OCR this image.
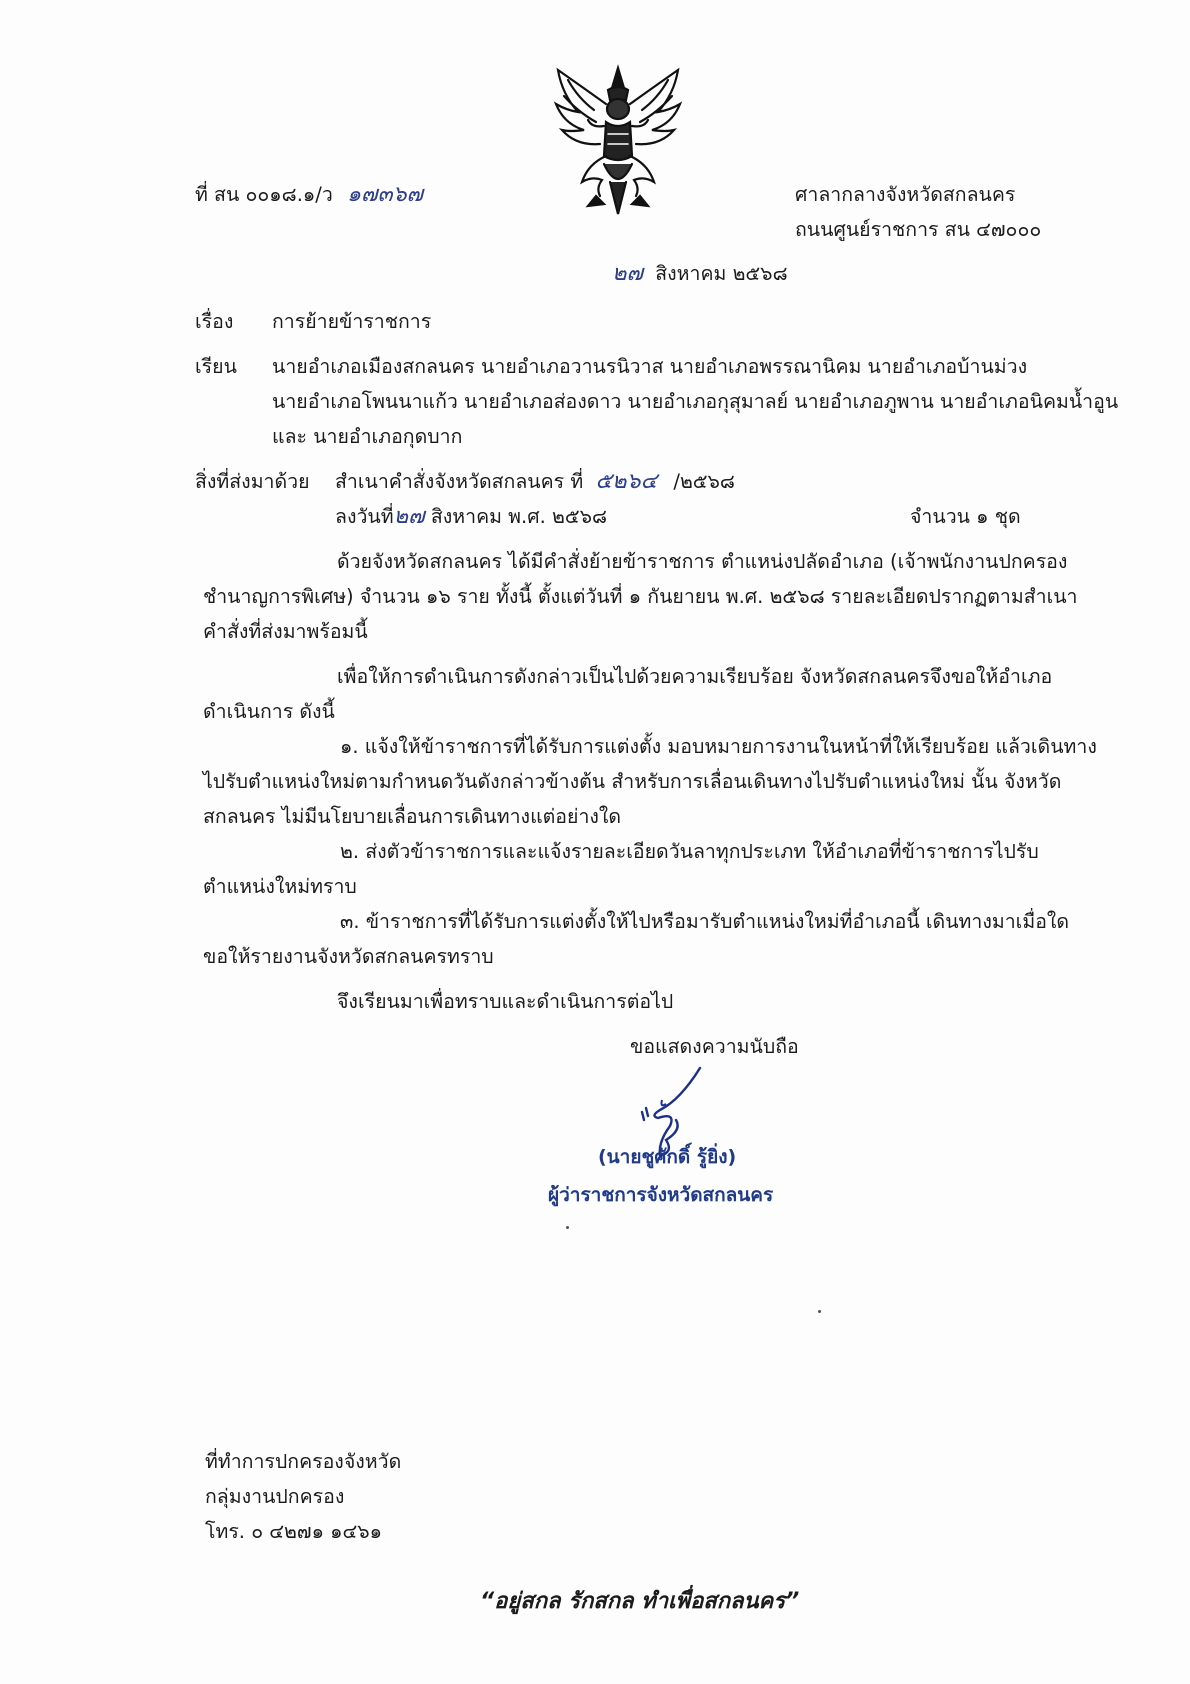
ที่ สน ๐๐๑๘.๑/ว ๑๗๓๖๗	ศาลากลางจังหวัดสกลนคร
ถนนศูนย์ราชการ สน ๔๗๐๐๐
๒๗ สิงหาคม ๒๕๖๘
เรื่อง การย้ายข้าราชการ
เรียน นายอำเภอเมืองสกลนคร นายอำเภอวานรนิวาส นายอำเภอพรรณานิคม นายอำเภอบ้านม่วง
นายอำเภอโพนนาแก้ว นายอำเภอส่องดาว นายอำเภอกุสุมาลย์ นายอำเภอภูพาน นายอำเภอนิคมน้ำอูน
และ นายอำเภอกุดบาก
สิ่งที่ส่งมาด้วย สำเนาคำสั่งจังหวัดสกลนคร ที่ ๕๒๖๔ /๒๕๖๘
ลงวันที่๒๗ สิงหาคม พ.ศ. ๒๕๖๘	จำนวน ๑ ชุด
ด้วยจังหวัดสกลนคร ได้มีคำสั่งย้ายข้าราชการ ตำแหน่งปลัดอำเภอ (เจ้าพนักงานปกครอง
ชำนาญการพิเศษ) จำนวน ๑๖ ราย ทั้งนี้ ตั้งแต่วันที่ ๑ กันยายน พ.ศ. ๒๕๖๘ รายละเอียดปรากฏตามสำเนา
คำสั่งที่ส่งมาพร้อมนี้
เพื่อให้การดำเนินการดังกล่าวเป็นไปด้วยความเรียบร้อย จังหวัดสกลนครจึงขอให้อำเภอ
ดำเนินการ ดังนี้
๑. แจ้งให้ข้าราชการที่ได้รับการแต่งตั้ง มอบหมายการงานในหน้าที่ให้เรียบร้อย แล้วเดินทาง
ไปรับตำแหน่งใหม่ตามกำหนดวันดังกล่าวข้างต้น สำหรับการเลื่อนเดินทางไปรับตำแหน่งใหม่ นั้น จังหวัด
สกลนคร ไม่มีนโยบายเลื่อนการเดินทางแต่อย่างใด
๒. ส่งตัวข้าราชการและแจ้งรายละเอียดวันลาทุกประเภท ให้อำเภอที่ข้าราชการไปรับ
ตำแหน่งใหม่ทราบ
๓. ข้าราชการที่ได้รับการแต่งตั้งให้ไปหรือมารับตำแหน่งใหม่ที่อำเภอนี้ เดินทางมาเมื่อใด
ขอให้รายงานจังหวัดสกลนครทราบ
จึงเรียนมาเพื่อทราบและดำเนินการต่อไป
ขอแสดงความนับถือ
(นายชูศักดิ์ รู้ยิ่ง)
ผู้ว่าราชการจังหวัดสกลนคร
ที่ทำการปกครองจังหวัด
กลุ่มงานปกครอง
โทร. ๐ ๔๒๗๑ ๑๔๖๑
“อยู่สกล รักสกล ทำเพื่อสกลนคร”
